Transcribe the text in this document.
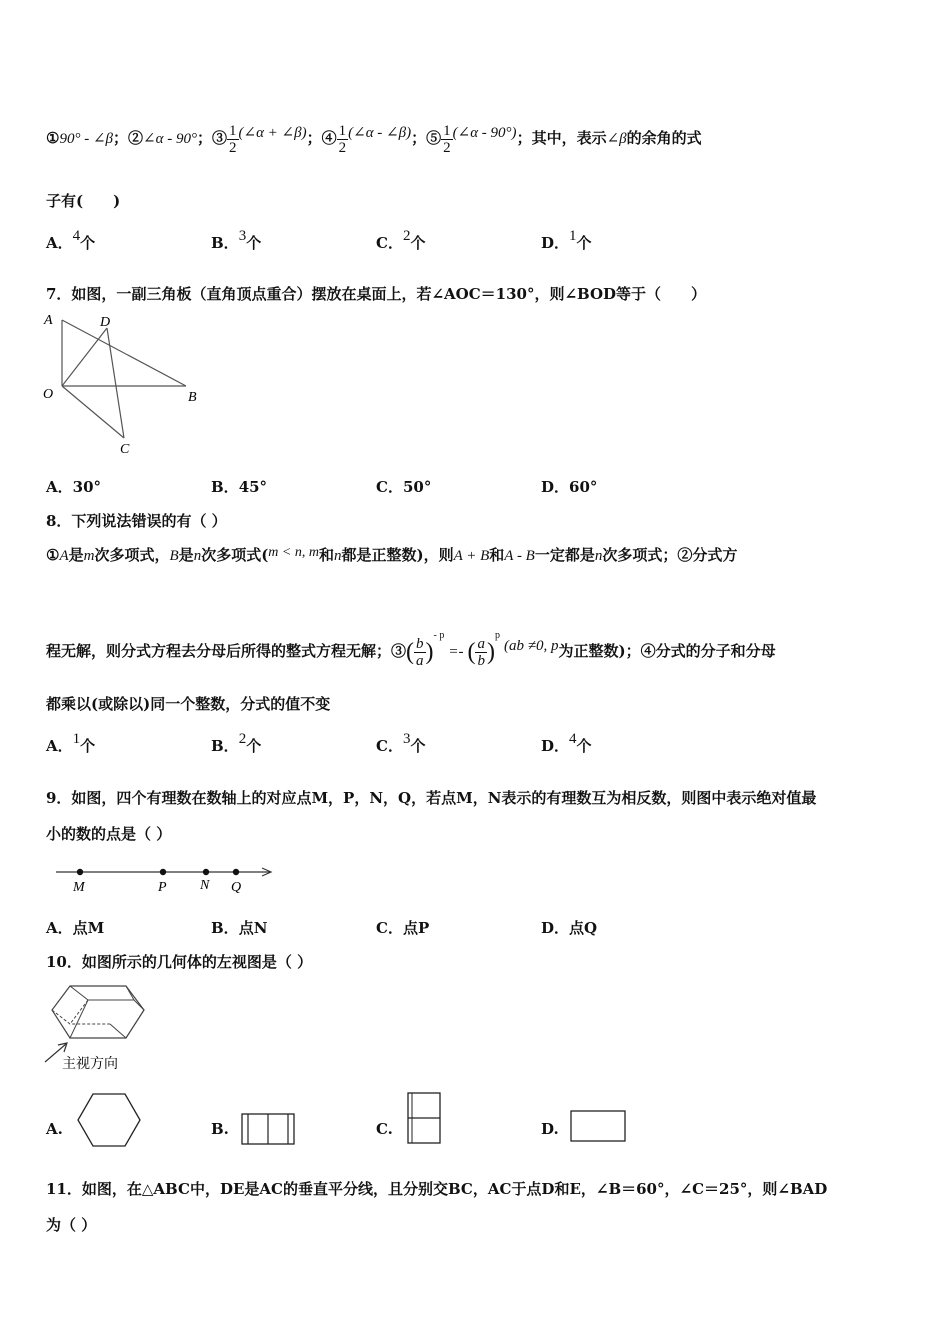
①90° - ∠β；②∠α - 90°；③ $\frac{1}{2}$ (∠α + ∠β)；④ $\frac{1}{2}$ (∠α - ∠β)；⑤ $\frac{1}{2}$ (∠α - 90°)；其中，表示∠β的余角的式
子有(　　)
A．4个	B．3个	C．2个	D．1个
7．如图，一副三角板（直角顶点重合）摆放在桌面上，若∠AOC＝130°，则∠BOD等于（　　）
A	D
O	B
C
A．30°	B．45°	C．50°	D．60°
8．下列说法错误的有（ ）
①A是m次多项式，B是n次多项式(m < n, m和n都是正整数)，则A + B和A - B一定都是n次多项式；②分式方
程无解，则分式方程去分母后所得的整式方程无解；③( $\frac{b}{a} )^{- p}=-$ ( $\frac{a}{b} )^p(ab \ne 0$, p为正整数)；④分式的分子和分母
都乘以(或除以)同一个整数，分式的值不变
A．1个	B．2个	C．3个	D．4个
9．如图，四个有理数在数轴上的对应点M，P，N，Q，若点M，N表示的有理数互为相反数，则图中表示绝对值最
小的数的点是（ ）
M	P N Q
A．点M	B．点N	C．点P	D．点Q
10．如图所示的几何体的左视图是（ ）
主视方向
A.	B.	C.	D.
11．如图，在△ABC中，DE是AC的垂直平分线，且分别交BC，AC于点D和E，∠B＝60°，∠C＝25°，则∠BAD
为（ ）
